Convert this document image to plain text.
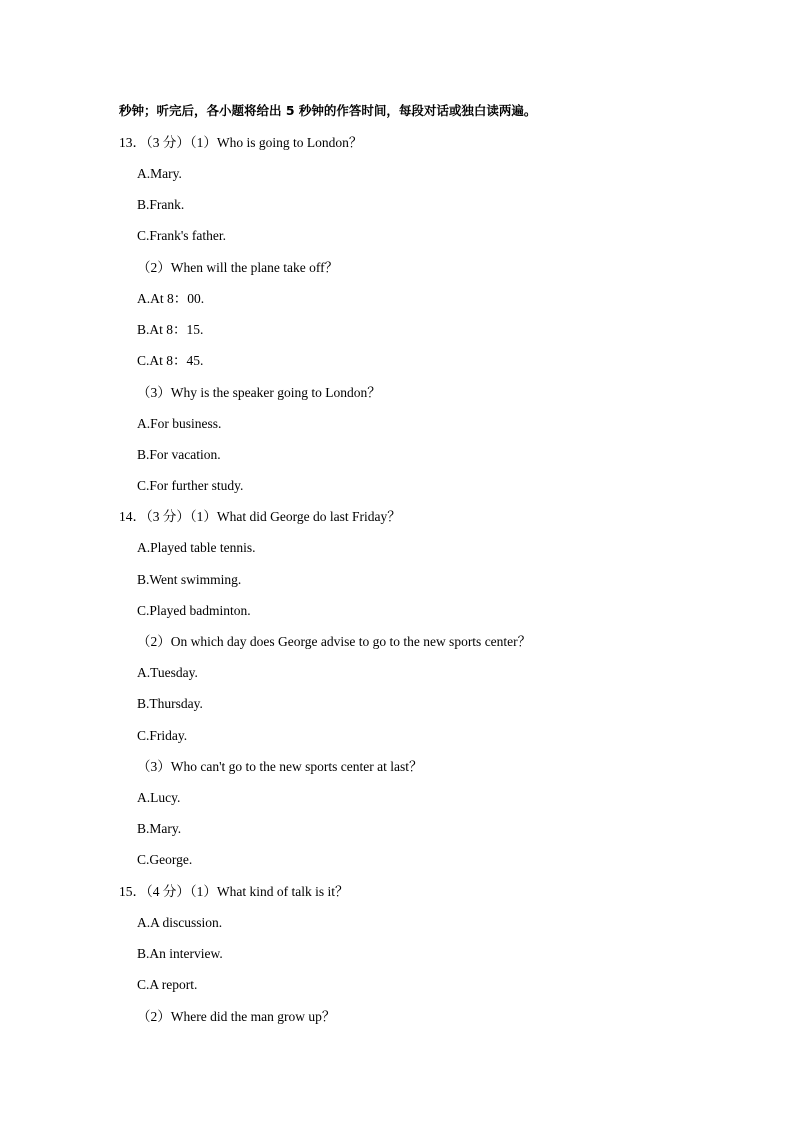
秒钟；听完后，各小题将给出 5 秒钟的作答时间，每段对话或独白读两遍。
13．（3 分）（1）Who is going to London？
A.Mary.
B.Frank.
C.Frank's father.
（2）When will the plane take off？
A.At 8：00.
B.At 8：15.
C.At 8：45.
（3）Why is the speaker going to London？
A.For business.
B.For vacation.
C.For further study.
14．（3 分）（1）What did George do last Friday？
A.Played table tennis.
B.Went swimming.
C.Played badminton.
（2）On which day does George advise to go to the new sports center？
A.Tuesday.
B.Thursday.
C.Friday.
（3）Who can't go to the new sports center at last？
A.Lucy.
B.Mary.
C.George.
15．（4 分）（1）What kind of talk is it？
A.A discussion.
B.An interview.
C.A report.
（2）Where did the man grow up？
